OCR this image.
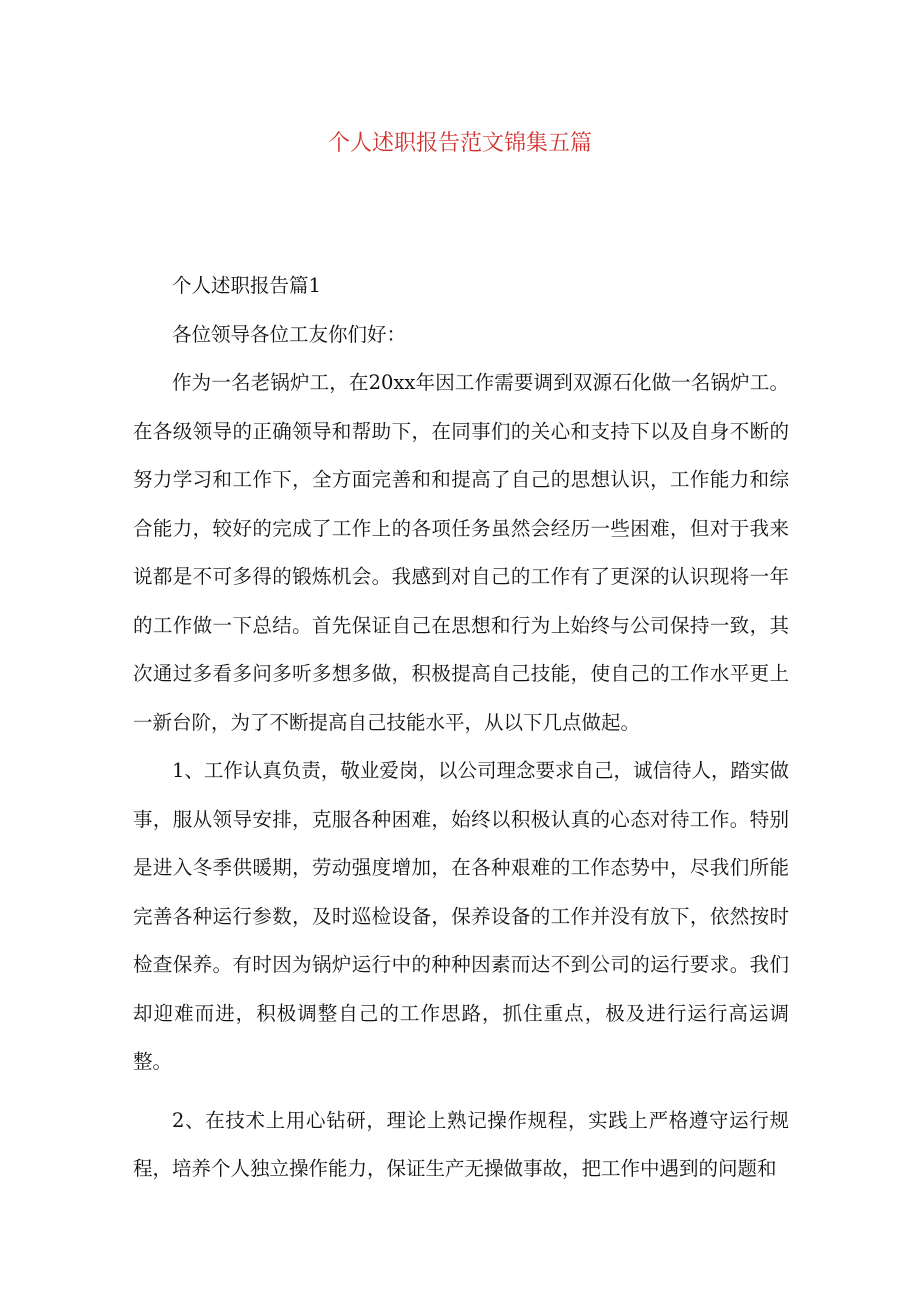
个人述职报告范文锦集五篇

个人述职报告篇1

各位领导各位工友你们好：

作为一名老锅炉工，在20xx年因工作需要调到双源石化做一名锅炉工。在各级领导的正确领导和帮助下，在同事们的关心和支持下以及自身不断的努力学习和工作下，全方面完善和和提高了自己的思想认识，工作能力和综合能力，较好的完成了工作上的各项任务虽然会经历一些困难，但对于我来说都是不可多得的锻炼机会。我感到对自己的工作有了更深的认识现将一年的工作做一下总结。首先保证自己在思想和行为上始终与公司保持一致，其次通过多看多问多听多想多做，积极提高自己技能，使自己的工作水平更上一新台阶，为了不断提高自己技能水平，从以下几点做起。

1、工作认真负责，敬业爱岗，以公司理念要求自己，诚信待人，踏实做事，服从领导安排，克服各种困难，始终以积极认真的心态对待工作。特别是进入冬季供暖期，劳动强度增加，在各种艰难的工作态势中，尽我们所能完善各种运行参数，及时巡检设备，保养设备的工作并没有放下，依然按时检查保养。有时因为锅炉运行中的种种因素而达不到公司的运行要求。我们却迎难而进，积极调整自己的工作思路，抓住重点，极及进行运行高运调整。

2、在技术上用心钻研，理论上熟记操作规程，实践上严格遵守运行规程，培养个人独立操作能力，保证生产无操做事故，把工作中遇到的问题和
